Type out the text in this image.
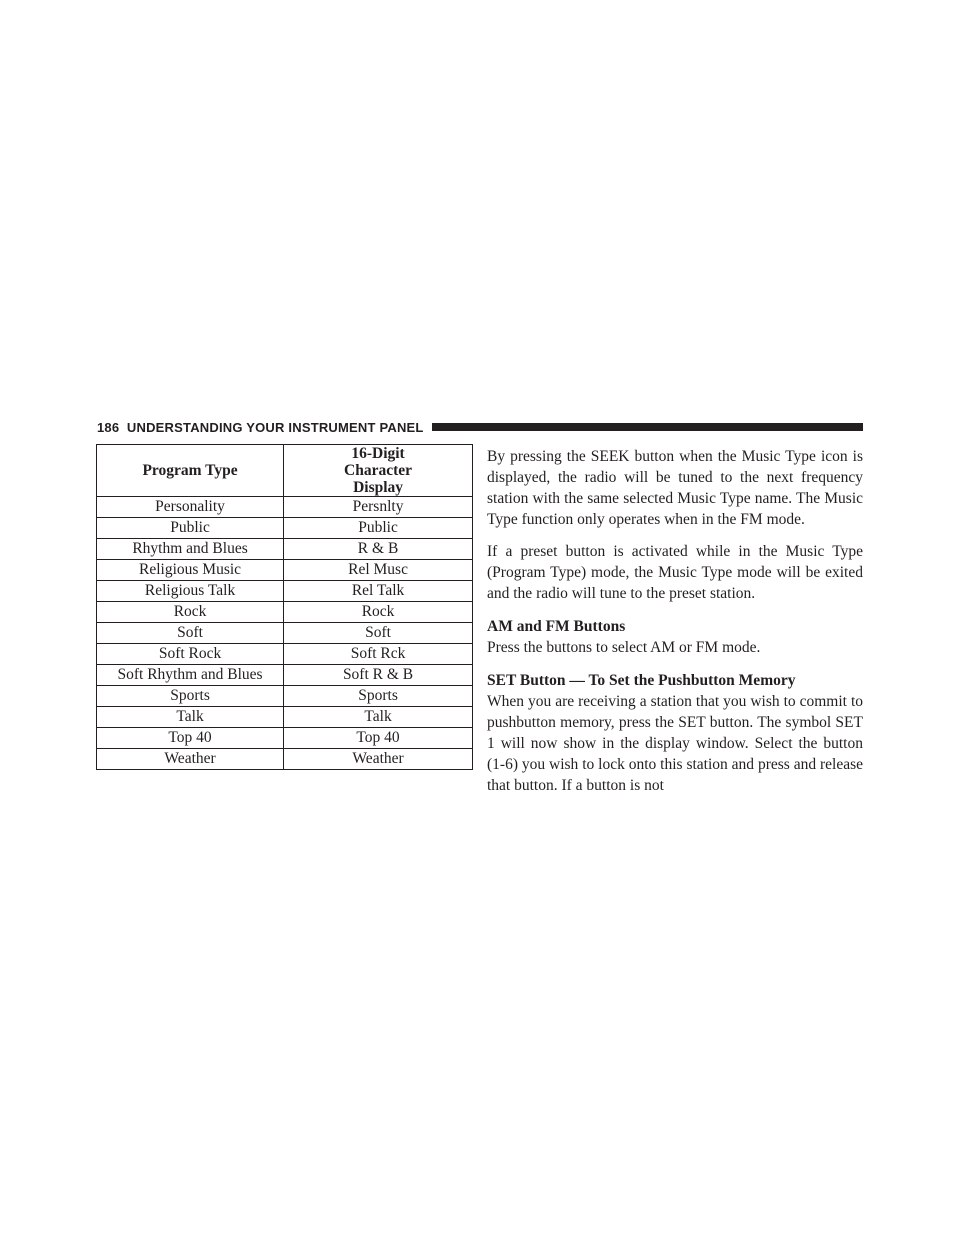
186 UNDERSTANDING YOUR INSTRUMENT PANEL
Program Type	16-Digit Character Display

Personality	Persnlty
Public	Public
Rhythm and Blues	R & B
Religious Music	Rel Musc
Religious Talk	Rel Talk
Rock	Rock
Soft	Soft
Soft Rock	Soft Rck
Soft Rhythm and Blues	Soft R & B
Sports	Sports
Talk	Talk
Top 40	Top 40
Weather	Weather

By pressing the SEEK button when the Music Type icon is displayed, the radio will be tuned to the next frequency station with the same selected Music Type name. The Music Type function only operates when in the FM mode.

If a preset button is activated while in the Music Type (Program Type) mode, the Music Type mode will be exited and the radio will tune to the preset station.

AM and FM Buttons

Press the buttons to select AM or FM mode.

SET Button — To Set the Pushbutton Memory

When you are receiving a station that you wish to commit to pushbutton memory, press the SET button. The symbol SET 1 will now show in the display window. Select the button (1-6) you wish to lock onto this station and press and release that button. If a button is not
